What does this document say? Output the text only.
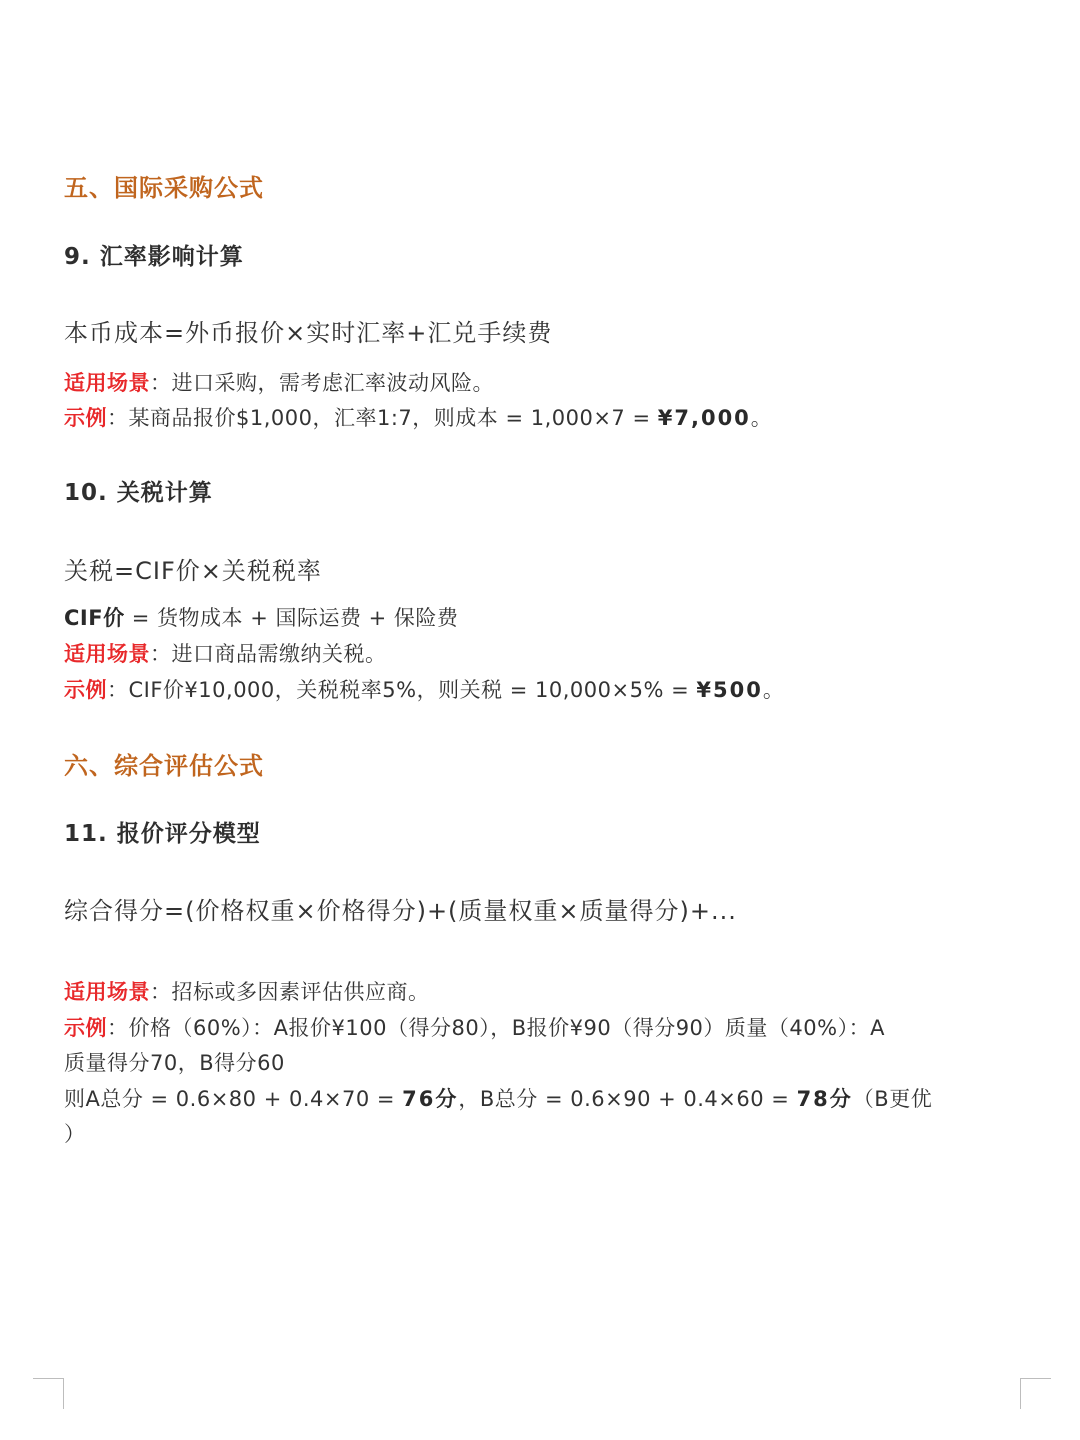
五、国际采购公式
9. 汇率影响计算
本币成本=外币报价×实时汇率+汇兑手续费
适用场景：进口采购，需考虑汇率波动风险。
示例：某商品报价$1,000，汇率1:7，则成本 = 1,000×7 = ¥7,000。
10. 关税计算
关税=CIF价×关税税率
CIF价 = 货物成本 + 国际运费 + 保险费
适用场景：进口商品需缴纳关税。
示例：CIF价¥10,000，关税税率5%，则关税 = 10,000×5% = ¥500。
六、综合评估公式
11. 报价评分模型
综合得分=(价格权重×价格得分)+(质量权重×质量得分)+...
适用场景：招标或多因素评估供应商。
示例：价格（60%）：A报价¥100（得分80），B报价¥90（得分90）质量（40%）：A
质量得分70，B得分60
则A总分 = 0.6×80 + 0.4×70 = 76分，B总分 = 0.6×90 + 0.4×60 = 78分（B更优
）
